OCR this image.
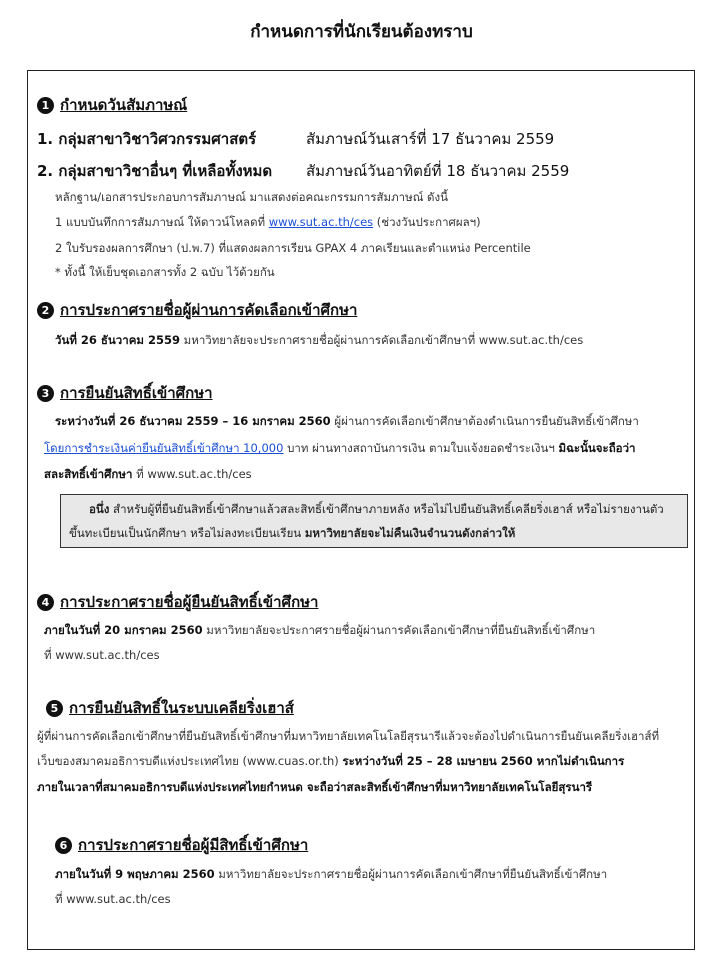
กำหนดการที่นักเรียนต้องทราบ
1 กำหนดวันสัมภาษณ์
1. กลุ่มสาขาวิชาวิศวกรรมศาสตร์	สัมภาษณ์วันเสาร์ที่ 17 ธันวาคม 2559
2. กลุ่มสาขาวิชาอื่นๆ ที่เหลือทั้งหมด สัมภาษณ์วันอาทิตย์ที่ 18 ธันวาคม 2559
หลักฐาน/เอกสารประกอบการสัมภาษณ์ มาแสดงต่อคณะกรรมการสัมภาษณ์ ดังนี้
1 แบบบันทึกการสัมภาษณ์ ให้ดาวน์โหลดที่ www.sut.ac.th/ces (ช่วงวันประกาศผลฯ)
2 ใบรับรองผลการศึกษา (ป.พ.7) ที่แสดงผลการเรียน GPAX 4 ภาคเรียนและตำแหน่ง Percentile
* ทั้งนี้ ให้เย็บชุดเอกสารทั้ง 2 ฉบับ ไว้ด้วยกัน
2 การประกาศรายชื่อผู้ผ่านการคัดเลือกเข้าศึกษา
วันที่ 26 ธันวาคม 2559 มหาวิทยาลัยจะประกาศรายชื่อผู้ผ่านการคัดเลือกเข้าศึกษาที่ www.sut.ac.th/ces
3 การยืนยันสิทธิ์เข้าศึกษา
ระหว่างวันที่ 26 ธันวาคม 2559 – 16 มกราคม 2560 ผู้ผ่านการคัดเลือกเข้าศึกษาต้องดำเนินการยืนยันสิทธิ์เข้าศึกษา
โดยการชำระเงินค่ายืนยันสิทธิ์เข้าศึกษา 10,000 บาท ผ่านทางสถาบันการเงิน ตามใบแจ้งยอดชำระเงินฯ มิฉะนั้นจะถือว่า
สละสิทธิ์เข้าศึกษา ที่ www.sut.ac.th/ces
อนึ่ง สำหรับผู้ที่ยืนยันสิทธิ์เข้าศึกษาแล้วสละสิทธิ์เข้าศึกษาภายหลัง หรือไม่ไปยืนยันสิทธิ์เคลียริ่งเฮาส์ หรือไม่รายงานตัว
ขึ้นทะเบียนเป็นนักศึกษา หรือไม่ลงทะเบียนเรียน มหาวิทยาลัยจะไม่คืนเงินจำนวนดังกล่าวให้
4 การประกาศรายชื่อผู้ยืนยันสิทธิ์เข้าศึกษา
ภายในวันที่ 20 มกราคม 2560 มหาวิทยาลัยจะประกาศรายชื่อผู้ผ่านการคัดเลือกเข้าศึกษาที่ยืนยันสิทธิ์เข้าศึกษา
ที่ www.sut.ac.th/ces
5 การยืนยันสิทธิ์ในระบบเคลียริ่งเฮาส์
ผู้ที่ผ่านการคัดเลือกเข้าศึกษาที่ยืนยันสิทธิ์เข้าศึกษาที่มหาวิทยาลัยเทคโนโลยีสุรนารีแล้วจะต้องไปดำเนินการยืนยันเคลียริ่งเฮาส์ที่
เว็บของสมาคมอธิการบดีแห่งประเทศไทย (www.cuas.or.th) ระหว่างวันที่ 25 – 28 เมษายน 2560 หากไม่ดำเนินการ
ภายในเวลาที่สมาคมอธิการบดีแห่งประเทศไทยกำหนด จะถือว่าสละสิทธิ์เข้าศึกษาที่มหาวิทยาลัยเทคโนโลยีสุรนารี
6 การประกาศรายชื่อผู้มีสิทธิ์เข้าศึกษา
ภายในวันที่ 9 พฤษภาคม 2560 มหาวิทยาลัยจะประกาศรายชื่อผู้ผ่านการคัดเลือกเข้าศึกษาที่ยืนยันสิทธิ์เข้าศึกษา
ที่ www.sut.ac.th/ces
